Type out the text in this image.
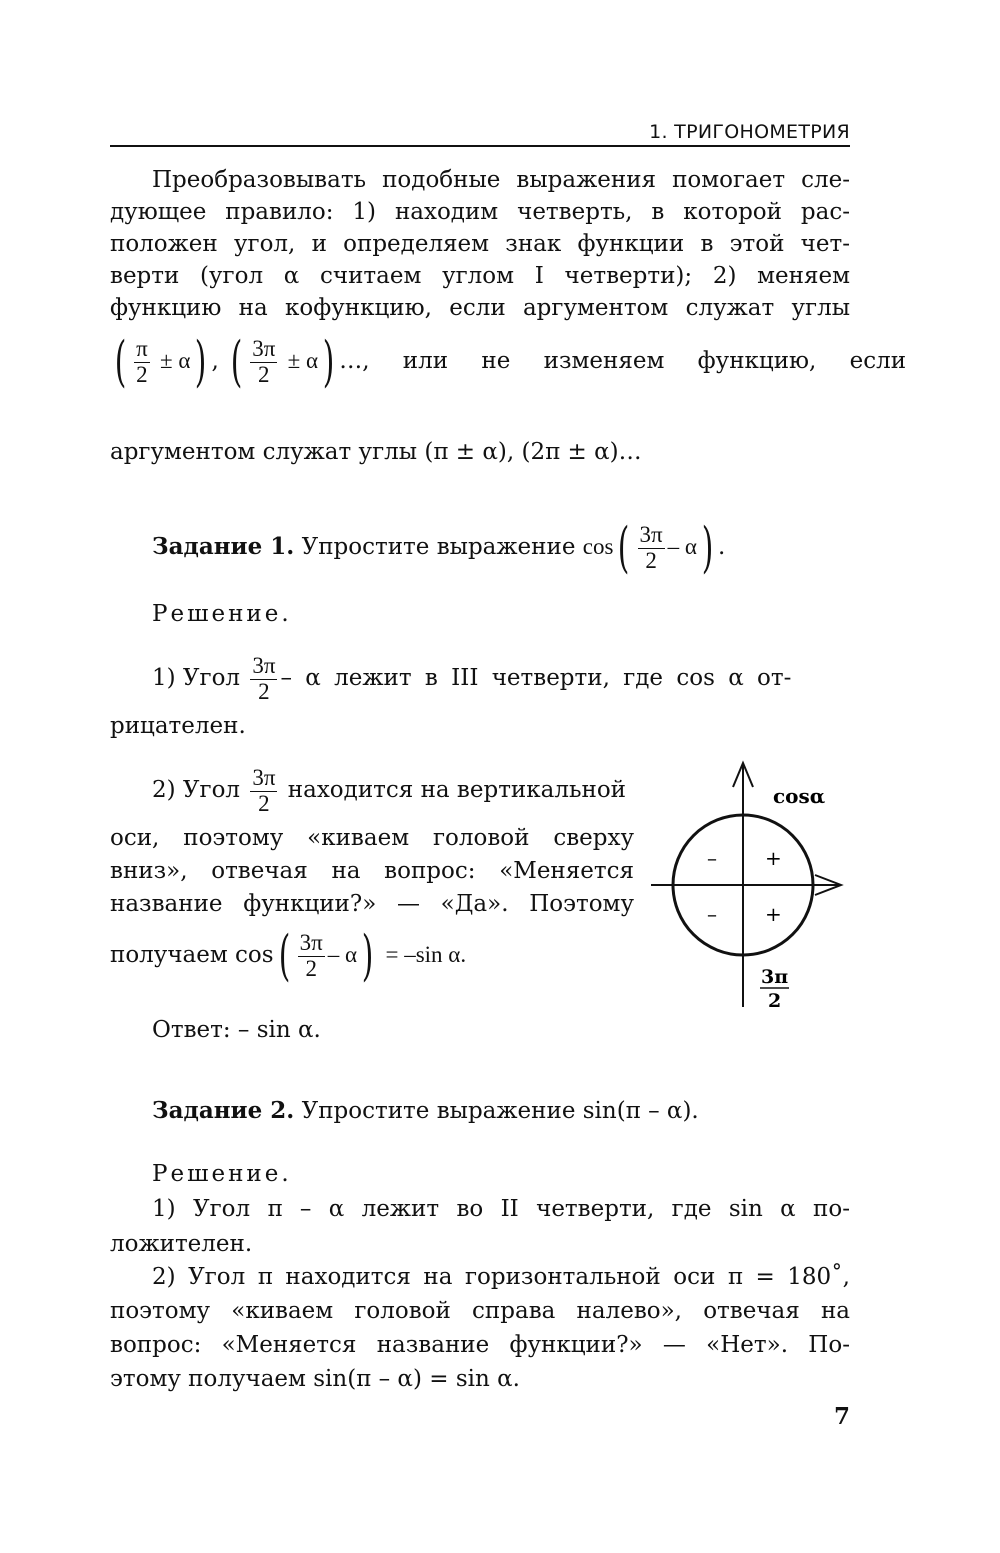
1. ТРИГОНОМЕТРИЯ
Преобразовывать подобные выражения помогает сле-
дующее правило: 1) находим четверть, в которой рас-
положен угол, и определяем знак функции в этой чет-
верти (угол α считаем углом I четверти); 2) меняем
функцию на кофункцию, если аргументом служат углы
( $\frac{\pi}{2} \pm \alpha$) , ( $\frac{3\pi}{2} \pm \alpha$) …, или не изменяем функцию, если
аргументом служат углы (π ± α), (2π ± α)…
Задание 1. Упростите выражение $\cos( \frac{3\pi}{2} - \alpha)$ .
Решение.
1) Угол $\frac{3\pi}{2}$ – α лежит в III четверти, где cos α от-
рицателен.
2) Угол $\frac{3\pi}{2}$ находится на вертикальной
оси, поэтому «киваем головой сверху
вниз», отвечая на вопрос: «Меняется
название функции?» — «Да». Поэтому
получаем $\cos( \frac{3\pi}{2} - \alpha) = -\sin$ α.
Ответ: – sin α.
cosα
– +
– +
3π
2
Задание 2. Упростите выражение sin(π – α).
Решение.
1) Угол π – α лежит во II четверти, где sin α по-
ложителен.
2) Угол π находится на горизонтальной оси π = 180˚,
поэтому «киваем головой справа налево», отвечая на
вопрос: «Меняется название функции?» — «Нет». По-
этому получаем sin(π – α) = sin α.
7
